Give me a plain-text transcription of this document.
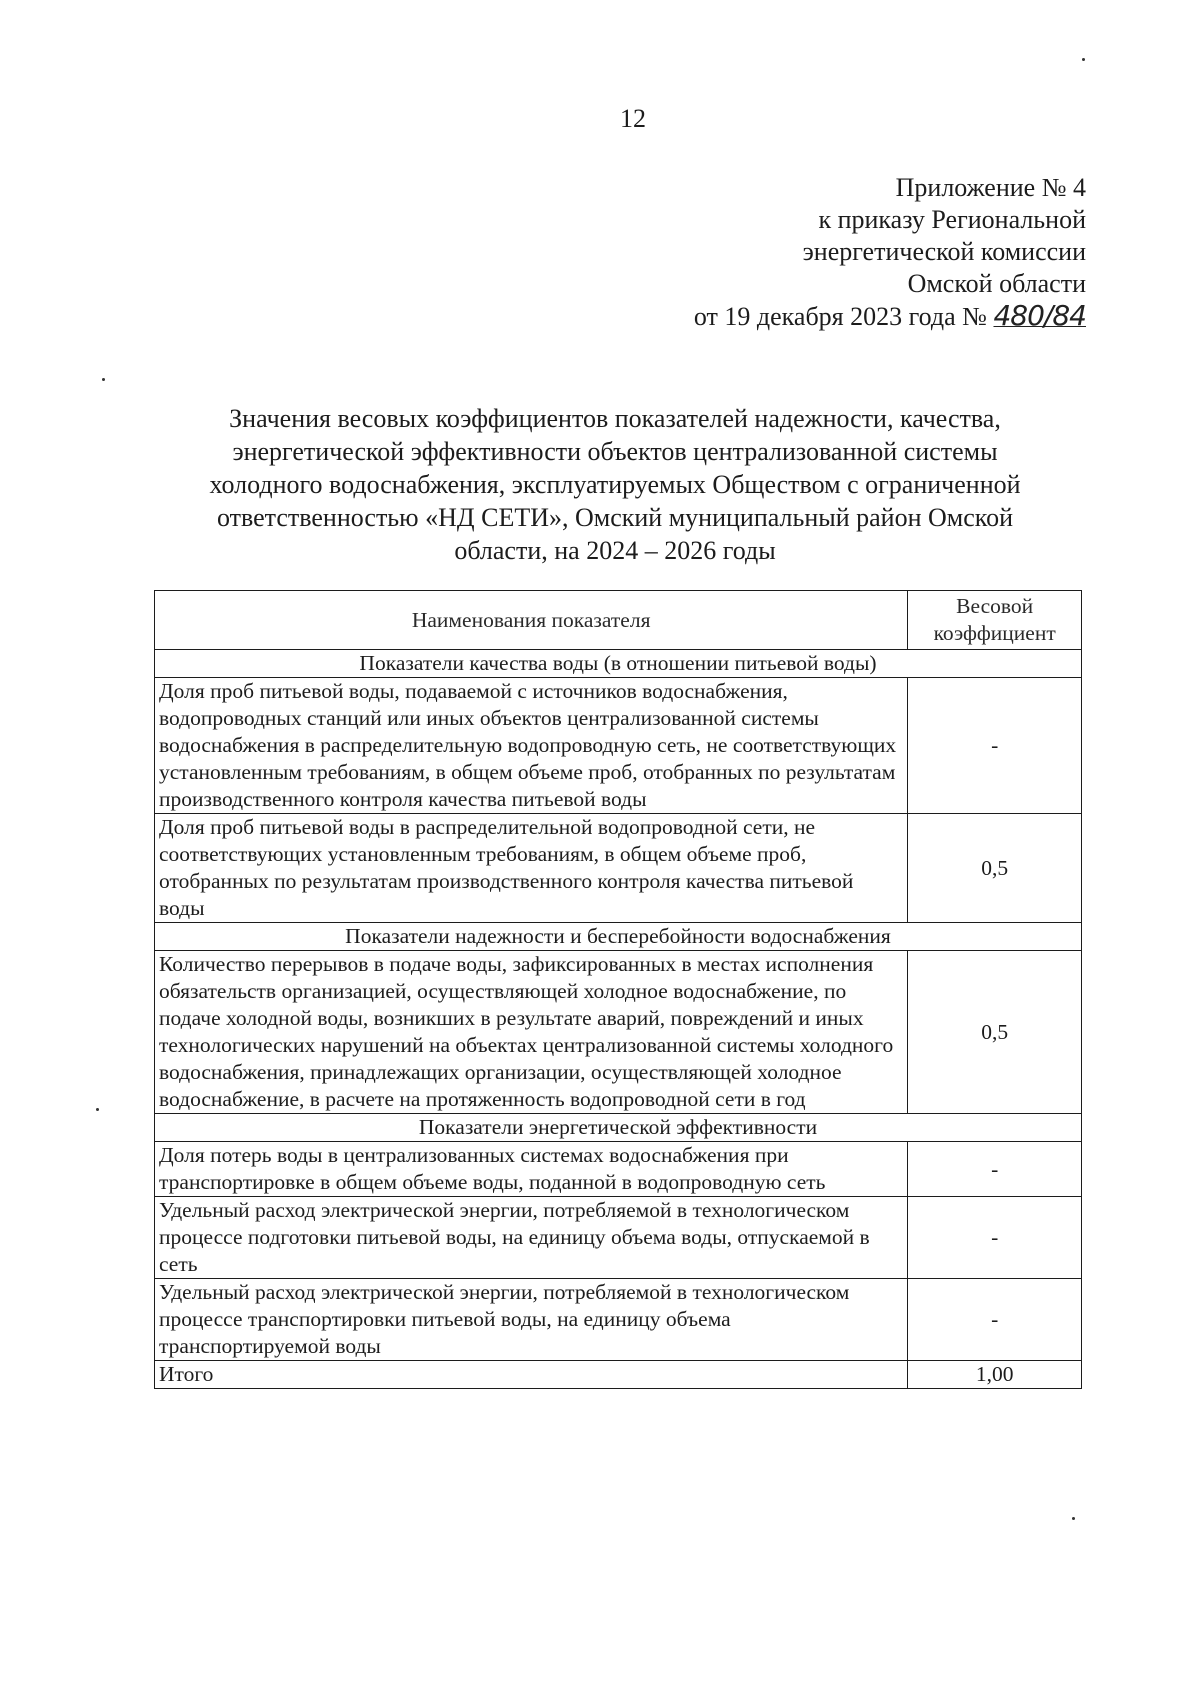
12
Приложение № 4
к приказу Региональной
энергетической комиссии
Омской области
от 19 декабря 2023 года № 480/84
Значения весовых коэффициентов показателей надежности, качества,
энергетической эффективности объектов централизованной системы
холодного водоснабжения, эксплуатируемых Обществом с ограниченной
ответственностью «НД СЕТИ», Омский муниципальный район Омской
области, на 2024 – 2026 годы
Наименования показателя	Весовой коэффициент
Показатели качества воды (в отношении питьевой воды)	
Доля проб питьевой воды, подаваемой с источников водоснабжения, водопроводных станций или иных объектов централизованной системы водоснабжения в распределительную водопроводную сеть, не соответствующих установленным требованиям, в общем объеме проб, отобранных по результатам производственного контроля качества питьевой воды	-
Доля проб питьевой воды в распределительной водопроводной сети, не соответствующих установленным требованиям, в общем объеме проб, отобранных по результатам производственного контроля качества питьевой воды	0,5
Показатели надежности и бесперебойности водоснабжения	
Количество перерывов в подаче воды, зафиксированных в местах исполнения обязательств организацией, осуществляющей холодное водоснабжение, по подаче холодной воды, возникших в результате аварий, повреждений и иных технологических нарушений на объектах централизованной системы холодного водоснабжения, принадлежащих организации, осуществляющей холодное водоснабжение, в расчете на протяженность водопроводной сети в год	0,5
Показатели энергетической эффективности	
Доля потерь воды в централизованных системах водоснабжения при транспортировке в общем объеме воды, поданной в водопроводную сеть	-
Удельный расход электрической энергии, потребляемой в технологическом процессе подготовки питьевой воды, на единицу объема воды, отпускаемой в сеть	-
Удельный расход электрической энергии, потребляемой в технологическом процессе транспортировки питьевой воды, на единицу объема транспортируемой воды	-
Итого	1,00
